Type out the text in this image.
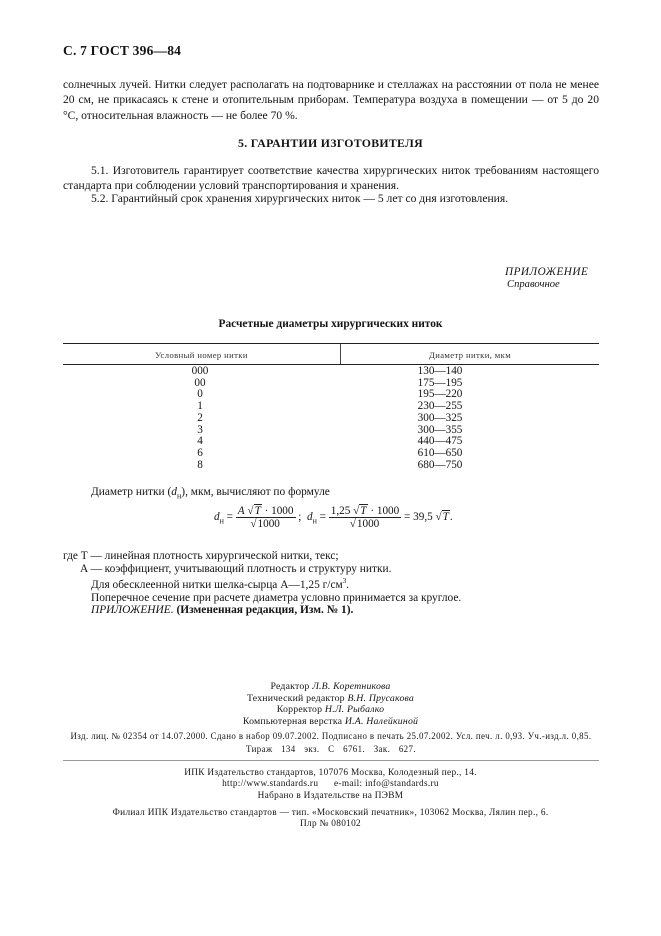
С. 7 ГОСТ 396—84
солнечных лучей. Нитки следует располагать на подтоварнике и стеллажах на расстоянии от пола не менее 20 см, не прикасаясь к стене и отопительным приборам. Температура воздуха в помещении — от 5 до 20 °С, относительная влажность — не более 70 %.
5. ГАРАНТИИ ИЗГОТОВИТЕЛЯ
5.1. Изготовитель гарантирует соответствие качества хирургических ниток требованиям настоящего стандарта при соблюдении условий транспортирования и хранения.
5.2. Гарантийный срок хранения хирургических ниток — 5 лет со дня изготовления.
ПРИЛОЖЕНИЕ
Справочное
Расчетные диаметры хирургических ниток
Условный номер нитки	Диаметр нитки, мкм
000
00
0
1
2
3
4
6
8
130—140
175—195
195—220
230—255
300—325
300—355
440—475
610—650
680—750
Диаметр нитки $(d_н)$, мкм, вычисляют по формуле
$d_н = \frac{A √T \cdot 1000}{√1000}$ ; $d_н = \frac{1,25 √T \cdot 1000}{√1000} = 39,5$ √T.
где T — линейная плотность хирургической нитки, текс;
A — коэффициент, учитывающий плотность и структуру нитки.
Для обесклеенной нитки шелка-сырца A—1,25 $г/см^3$.
Поперечное сечение при расчете диаметра условно принимается за круглое.
ПРИЛОЖЕНИЕ. (Измененная редакция, Изм. № 1).
Редактор Л.В. Коретникова
Технический редактор В.Н. Прусакова
Корректор Н.Л. Рыбалко
Компьютерная верстка И.А. Налейкиной
Изд. лиц. № 02354 от 14.07.2000. Сдано в набор 09.07.2002. Подписано в печать 25.07.2002. Усл. печ. л. 0,93. Уч.-изд.л. 0,85.
Тираж 134 экз. С 6761. Зак. 627.
ИПК Издательство стандартов, 107076 Москва, Колодезный пер., 14.
http://www.standards.ru      e-mail: info@standards.ru
Набрано в Издательстве на ПЭВМ
Филиал ИПК Издательство стандартов — тип. «Московский печатник», 103062 Москва, Лялин пер., 6.
Плр № 080102
